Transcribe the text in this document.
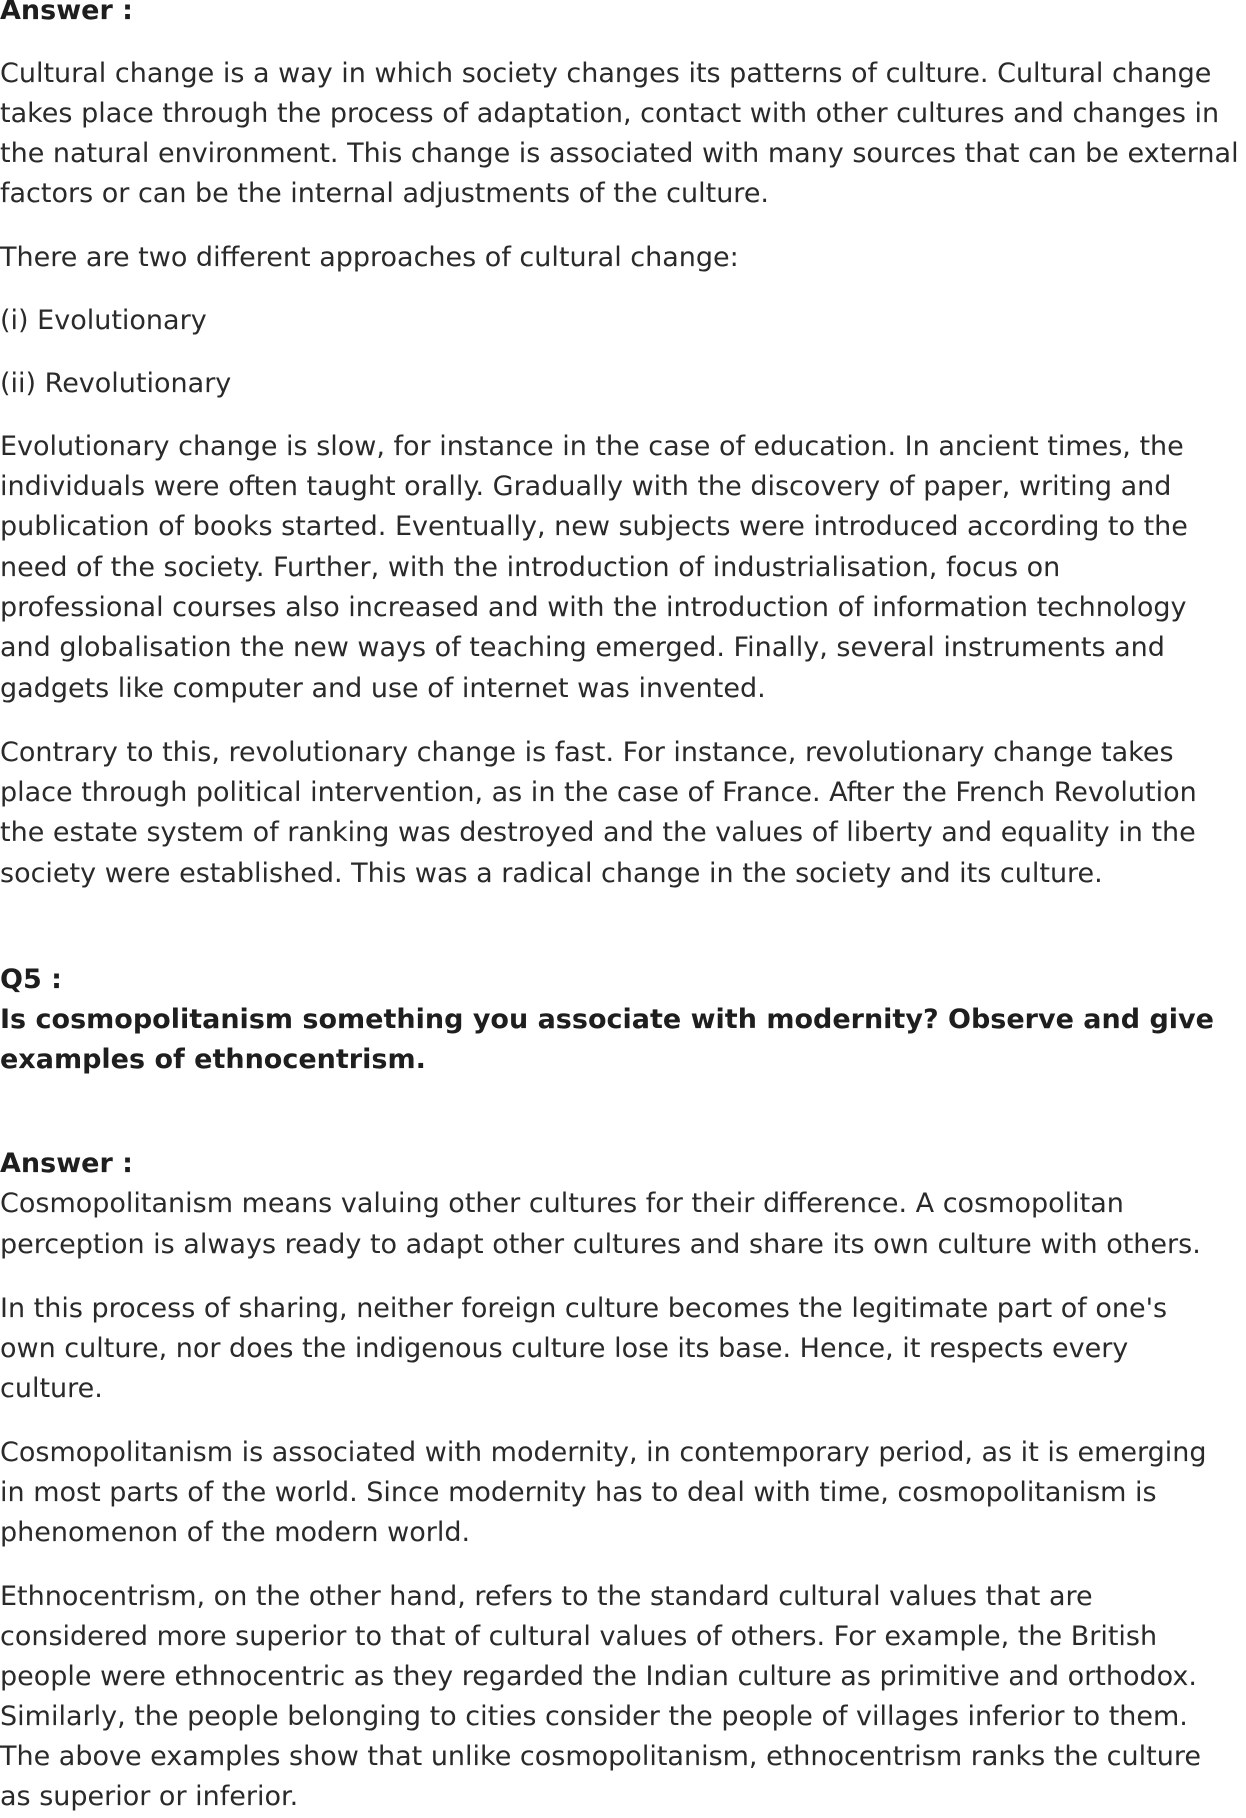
Answer :
Cultural change is a way in which society changes its patterns of culture. Cultural change
takes place through the process of adaptation, contact with other cultures and changes in
the natural environment. This change is associated with many sources that can be external
factors or can be the internal adjustments of the culture.
There are two different approaches of cultural change:
(i) Evolutionary
(ii) Revolutionary
Evolutionary change is slow, for instance in the case of education. In ancient times, the
individuals were often taught orally. Gradually with the discovery of paper, writing and
publication of books started. Eventually, new subjects were introduced according to the
need of the society. Further, with the introduction of industrialisation, focus on
professional courses also increased and with the introduction of information technology
and globalisation the new ways of teaching emerged. Finally, several instruments and
gadgets like computer and use of internet was invented.
Contrary to this, revolutionary change is fast. For instance, revolutionary change takes
place through political intervention, as in the case of France. After the French Revolution
the estate system of ranking was destroyed and the values of liberty and equality in the
society were established. This was a radical change in the society and its culture.
Q5 :
Is cosmopolitanism something you associate with modernity? Observe and give
examples of ethnocentrism.
Answer :
Cosmopolitanism means valuing other cultures for their difference. A cosmopolitan
perception is always ready to adapt other cultures and share its own culture with others.
In this process of sharing, neither foreign culture becomes the legitimate part of one's
own culture, nor does the indigenous culture lose its base. Hence, it respects every
culture.
Cosmopolitanism is associated with modernity, in contemporary period, as it is emerging
in most parts of the world. Since modernity has to deal with time, cosmopolitanism is
phenomenon of the modern world.
Ethnocentrism, on the other hand, refers to the standard cultural values that are
considered more superior to that of cultural values of others. For example, the British
people were ethnocentric as they regarded the Indian culture as primitive and orthodox.
Similarly, the people belonging to cities consider the people of villages inferior to them.
The above examples show that unlike cosmopolitanism, ethnocentrism ranks the culture
as superior or inferior.
